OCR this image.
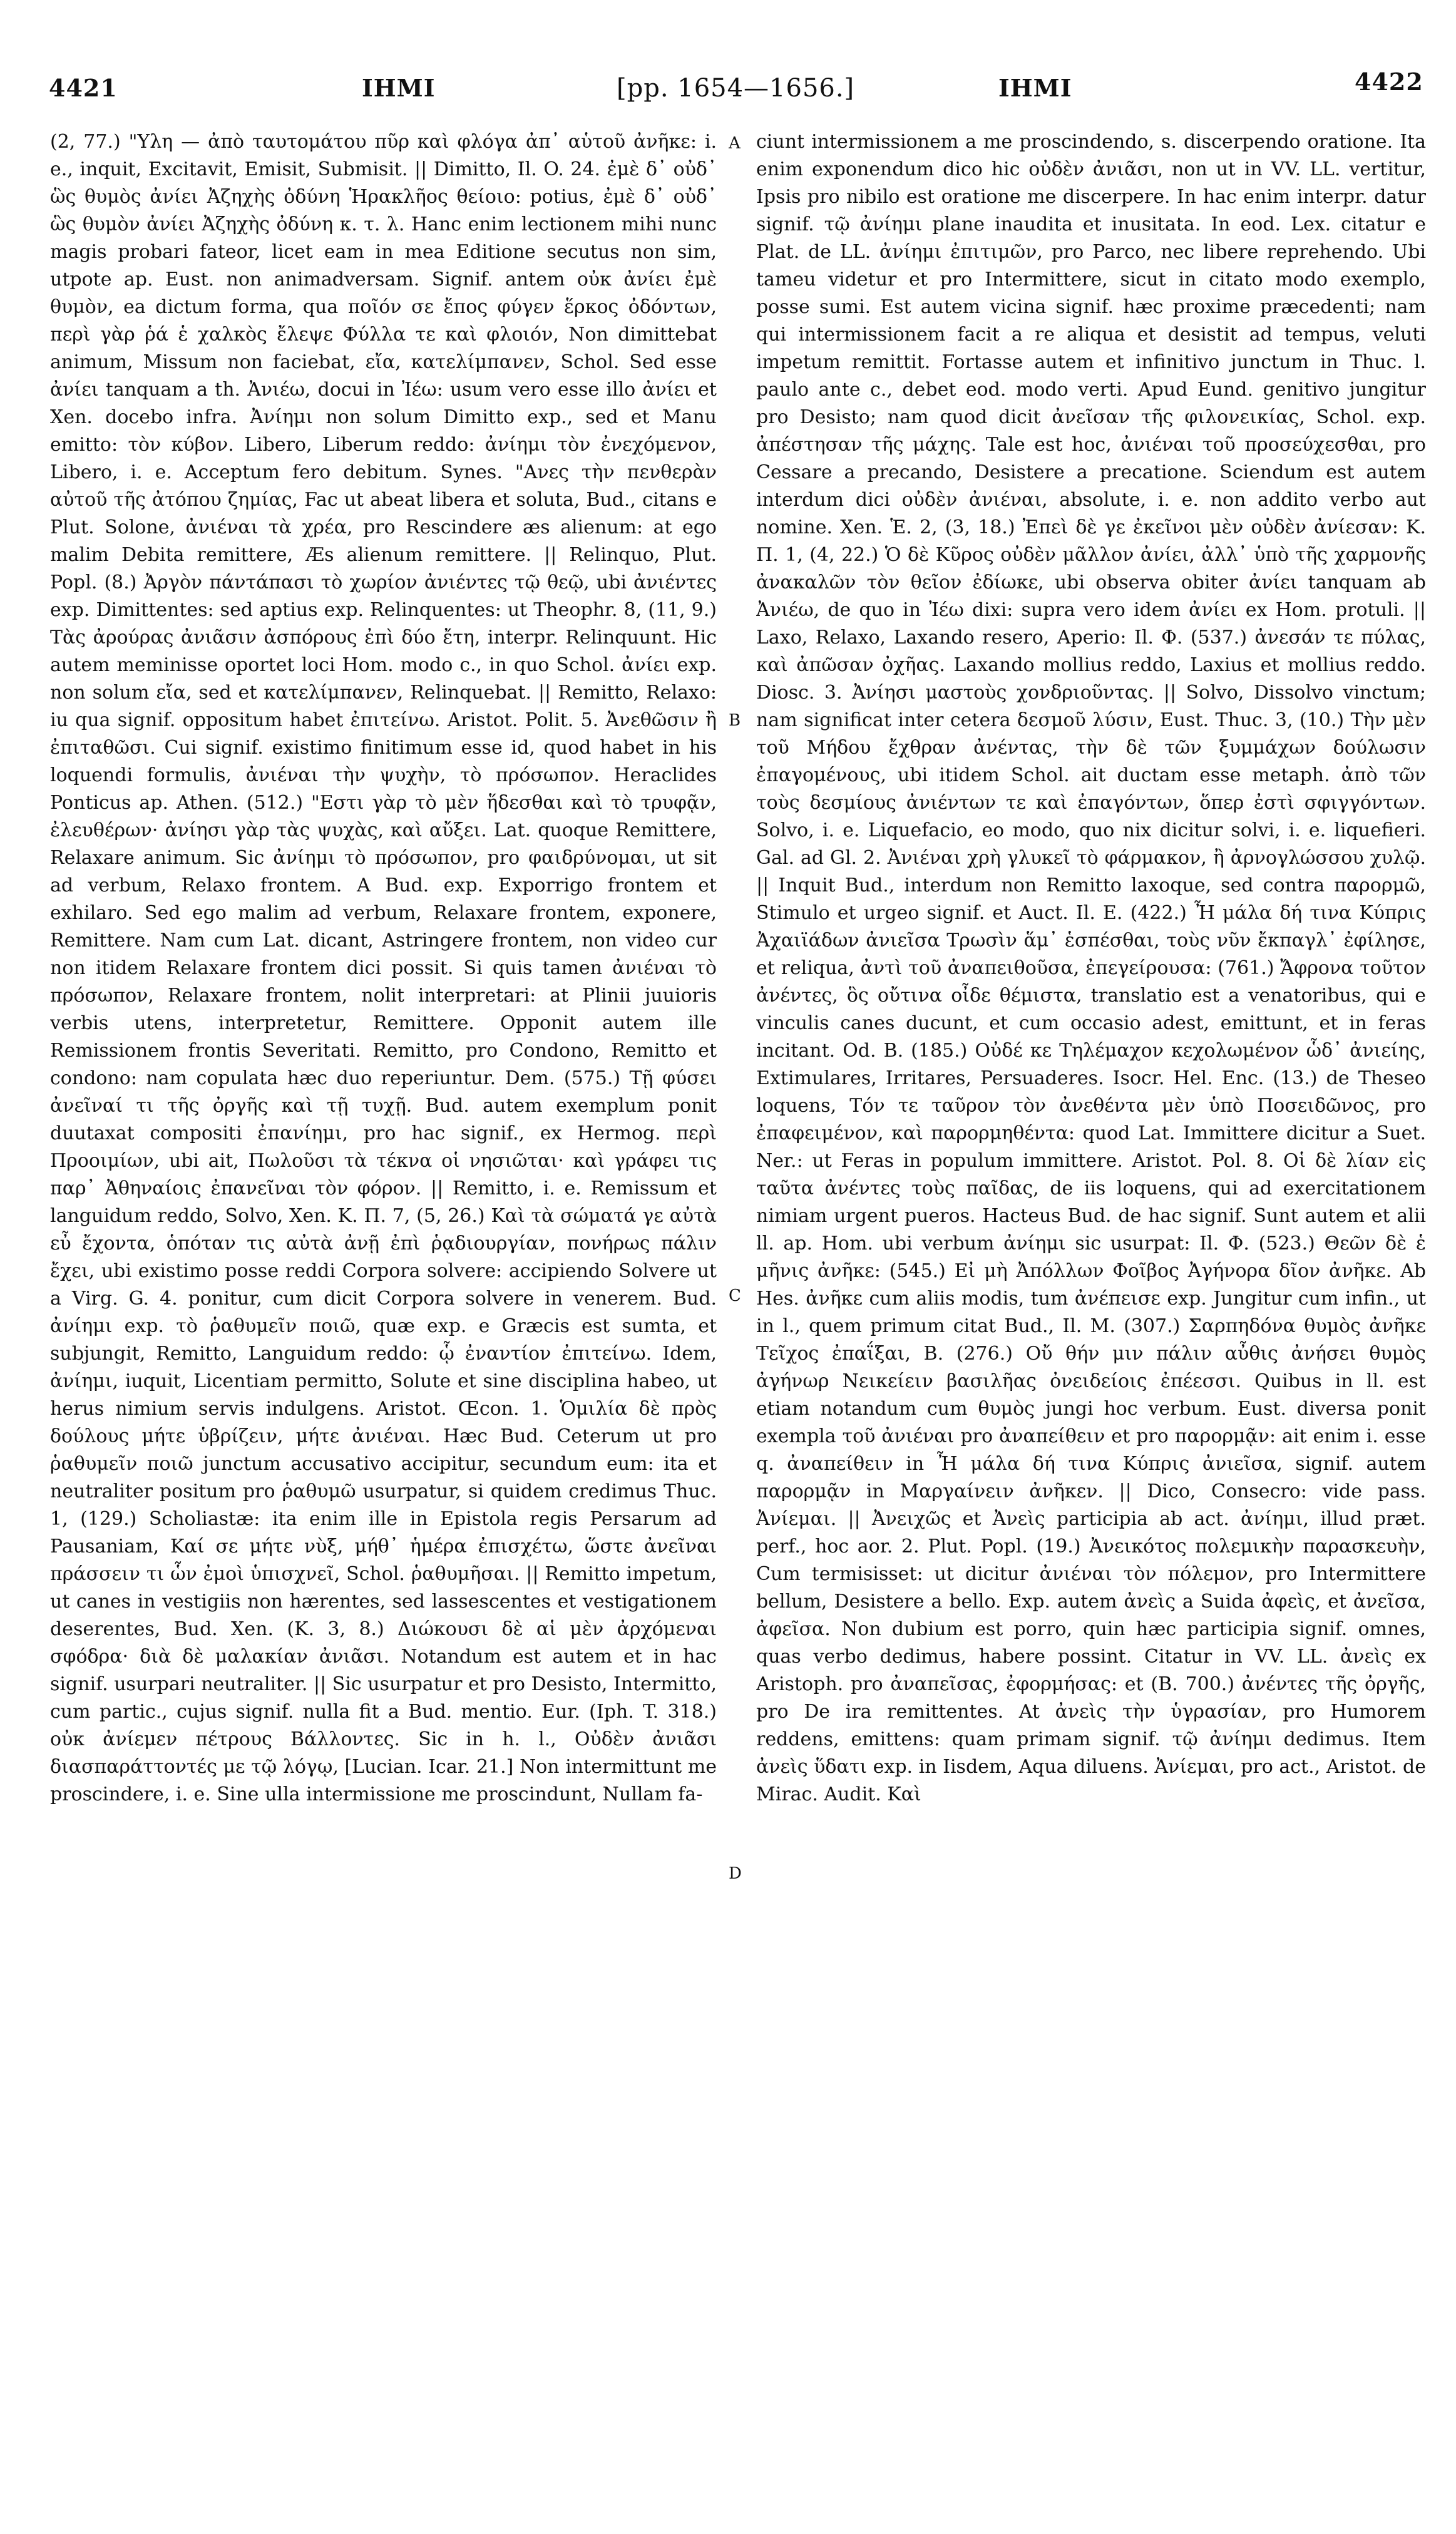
4421	ΙΗΜΙ	[pp. 1654—1656.]	ΙΗΜΙ	4422

(2, 77.) "Υλη — ἀπὸ ταυτομάτου πῦρ καὶ φλόγα ἀπ᾽ αὑτοῦ ἀνῆκε: i. e., inquit, Excitavit, Emisit, Submisit. || Dimitto, Il. O. 24. ἐμὲ δ᾽ οὐδ᾽ ὣς θυμὸς ἀνίει Ἀζηχὴς ὀδύνη Ἡρακλῆος θείοιο: potius, ἐμὲ δ᾽ οὐδ᾽ ὣς θυμὸν ἀνίει Ἀζηχὴς ὀδύνη κ. τ. λ. Hanc enim lectionem mihi nunc magis probari fateor, licet eam in mea Editione secutus non sim, utpote ap. Eust. non animadversam. Signif. antem οὐκ ἀνίει ἐμὲ θυμὸν, ea dictum forma, qua ποῖόν σε ἔπος φύγεν ἕρκος ὀδόντων, περὶ γὰρ ῥά ἑ χαλκὸς ἔλεψε Φύλλα τε καὶ φλοιόν, Non dimittebat animum, Missum non faciebat, εἴα, κατελίμπανεν, Schol. Sed esse ἀνίει tanquam a th. Ἀνιέω, docui in Ἰέω: usum vero esse illo ἀνίει et Xen. docebo infra. Ἀνίημι non solum Dimitto exp., sed et Manu emitto: τὸν κύβον. Libero, Liberum reddo: ἀνίημι τὸν ἐνεχόμενον, Libero, i. e. Acceptum fero debitum. Synes. "Ανες τὴν πενθερὰν αὐτοῦ τῆς ἀτόπου ζημίας, Fac ut abeat libera et soluta, Bud., citans e Plut. Solone, ἀνιέναι τὰ χρέα, pro Rescindere æs alienum: at ego malim Debita remittere, Æs alienum remittere. || Relinquo, Plut. Popl. (8.) Ἀργὸν πάντάπασι τὸ χωρίον ἀνιέντες τῷ θεῷ, ubi ἀνιέντες exp. Dimittentes: sed aptius exp. Relinquentes: ut Theophr. 8, (11, 9.) Τὰς ἀρούρας ἀνιᾶσιν ἀσπόρους ἐπὶ δύο ἔτη, interpr. Relinquunt. Hic autem meminisse oportet loci Hom. modo c., in quo Schol. ἀνίει exp. non solum εἴα, sed et κατελίμπανεν, Relinquebat. || Remitto, Relaxo: iu qua signif. oppositum habet ἐπιτείνω. Aristot. Polit. 5. Ἀνεθῶσιν ἢ ἐπιταθῶσι. Cui signif. existimo finitimum esse id, quod habet in his loquendi formulis, ἀνιέναι τὴν ψυχὴν, τὸ πρόσωπον. Heraclides Ponticus ap. Athen. (512.) "Εστι γὰρ τὸ μὲν ἥδεσθαι καὶ τὸ τρυφᾷν, ἐλευθέρων· ἀνίησι γὰρ τὰς ψυχὰς, καὶ αὔξει. Lat. quoque Remittere, Relaxare animum. Sic ἀνίημι τὸ πρόσωπον, pro φαιδρύνομαι, ut sit ad verbum, Relaxo frontem. A Bud. exp. Exporrigo frontem et exhilaro. Sed ego malim ad verbum, Relaxare frontem, exponere, Remittere. Nam cum Lat. dicant, Astringere frontem, non video cur non itidem Relaxare frontem dici possit. Si quis tamen ἀνιέναι τὸ πρόσωπον, Relaxare frontem, nolit interpretari: at Plinii juuioris verbis utens, interpretetur, Remittere. Opponit autem ille Remissionem frontis Severitati. Remitto, pro Condono, Remitto et condono: nam copulata hæc duo reperiuntur. Dem. (575.) Τῇ φύσει ἀνεῖναί τι τῆς ὀργῆς καὶ τῇ τυχῇ. Bud. autem exemplum ponit duutaxat compositi ἐπανίημι, pro hac signif., ex Hermog. περὶ Προοιμίων, ubi ait, Πωλοῦσι τὰ τέκνα οἱ νησιῶται· καὶ γράφει τις παρ᾽ Ἀθηναίοις ἐπανεῖναι τὸν φόρον. || Remitto, i. e. Remissum et languidum reddo, Solvo, Xen. K. Π. 7, (5, 26.) Καὶ τὰ σώματά γε αὐτὰ εὖ ἔχοντα, ὁπόταν τις αὐτὰ ἀνῇ ἐπὶ ῥᾳδιουργίαν, πονήρως πάλιν ἔχει, ubi existimo posse reddi Corpora solvere: accipiendo Solvere ut a Virg. G. 4. ponitur, cum dicit Corpora solvere in venerem. Bud. ἀνίημι exp. τὸ ῥαθυμεῖν ποιῶ, quæ exp. e Græcis est sumta, et subjungit, Remitto, Languidum reddo: ᾧ ἐναντίον ἐπιτείνω. Idem, ἀνίημι, iuquit, Licentiam permitto, Solute et sine disciplina habeo, ut herus nimium servis indulgens. Aristot. Œcon. 1. Ὁμιλία δὲ πρὸς δούλους μήτε ὑβρίζειν, μήτε ἀνιέναι. Hæc Bud. Ceterum ut pro ῥαθυμεῖν ποιῶ junctum accusativo accipitur, secundum eum: ita et neutraliter positum pro ῥαθυμῶ usurpatur, si quidem credimus Thuc. 1, (129.) Scholiastæ: ita enim ille in Epistola regis Persarum ad Pausaniam, Καί σε μήτε νὺξ, μήθ᾽ ἡμέρα ἐπισχέτω, ὥστε ἀνεῖναι πράσσειν τι ὧν ἐμοὶ ὑπισχνεῖ, Schol. ῥαθυμῆσαι. || Remitto impetum, ut canes in vestigiis non hærentes, sed lassescentes et vestigationem deserentes, Bud. Xen. (K. 3, 8.) Διώκουσι δὲ αἱ μὲν ἀρχόμεναι σφόδρα· διὰ δὲ μαλακίαν ἀνιᾶσι. Notandum est autem et in hac signif. usurpari neutraliter. || Sic usurpatur et pro Desisto, Intermitto, cum partic., cujus signif. nulla fit a Bud. mentio. Eur. (Iph. T. 318.) οὐκ ἀνίεμεν πέτρους Βάλλοντες. Sic in h. l., Οὐδὲν ἀνιᾶσι διασπαράττοντές με τῷ λόγῳ, [Lucian. Icar. 21.] Non intermittunt me proscindere, i. e. Sine ulla intermissione me proscindunt, Nullam fa-

A
B
C
D

ciunt intermissionem a me proscindendo, s. discerpendo oratione. Ita enim exponendum dico hic οὐδὲν ἀνιᾶσι, non ut in VV. LL. vertitur, Ipsis pro nibilo est oratione me discerpere. In hac enim interpr. datur signif. τῷ ἀνίημι plane inaudita et inusitata. In eod. Lex. citatur e Plat. de LL. ἀνίημι ἐπιτιμῶν, pro Parco, nec libere reprehendo. Ubi tameu videtur et pro Intermittere, sicut in citato modo exemplo, posse sumi. Est autem vicina signif. hæc proxime præcedenti; nam qui intermissionem facit a re aliqua et desistit ad tempus, veluti impetum remittit. Fortasse autem et infinitivo junctum in Thuc. l. paulo ante c., debet eod. modo verti. Apud Eund. genitivo jungitur pro Desisto; nam quod dicit ἀνεῖσαν τῆς φιλονεικίας, Schol. exp. ἀπέστησαν τῆς μάχης. Tale est hoc, ἀνιέναι τοῦ προσεύχεσθαι, pro Cessare a precando, Desistere a precatione. Sciendum est autem interdum dici οὐδὲν ἀνιέναι, absolute, i. e. non addito verbo aut nomine. Xen. Ἑ. 2, (3, 18.) Ἐπεὶ δὲ γε ἐκεῖνοι μὲν οὐδὲν ἀνίεσαν: K. Π. 1, (4, 22.) Ὁ δὲ Κῦρος οὐδὲν μᾶλλον ἀνίει, ἀλλ᾽ ὑπὸ τῆς χαρμονῆς ἀνακαλῶν τὸν θεῖον ἐδίωκε, ubi observa obiter ἀνίει tanquam ab Ἀνιέω, de quo in Ἰέω dixi: supra vero idem ἀνίει ex Hom. protuli. || Laxo, Relaxo, Laxando resero, Aperio: Il. Φ. (537.) ἀνεσάν τε πύλας, καὶ ἀπῶσαν ὀχῆας. Laxando mollius reddo, Laxius et mollius reddo. Diosc. 3. Ἀνίησι μαστοὺς χονδριοῦντας. || Solvo, Dissolvo vinctum; nam significat inter cetera δεσμοῦ λύσιν, Eust. Thuc. 3, (10.) Τὴν μὲν τοῦ Μήδου ἔχθραν ἀνέντας, τὴν δὲ τῶν ξυμμάχων δούλωσιν ἐπαγομένους, ubi itidem Schol. ait ductam esse metaph. ἀπὸ τῶν τοὺς δεσμίους ἀνιέντων τε καὶ ἐπαγόντων, ὅπερ ἐστὶ σφιγγόντων. Solvo, i. e. Liquefacio, eo modo, quo nix dicitur solvi, i. e. liquefieri. Gal. ad Gl. 2. Ἀνιέναι χρὴ γλυκεῖ τὸ φάρμακον, ἢ ἀρνογλώσσου χυλῷ. || Inquit Bud., interdum non Remitto laxoque, sed contra παρορμῶ, Stimulo et urgeo signif. et Auct. Il. E. (422.) Ἦ μάλα δή τινα Κύπρις Ἀχαιϊάδων ἀνιεῖσα Τρωσὶν ἅμ᾽ ἑσπέσθαι, τοὺς νῦν ἔκπαγλ᾽ ἐφίλησε, et reliqua, ἀντὶ τοῦ ἀναπειθοῦσα, ἐπεγείρουσα: (761.) Ἄφρονα τοῦτον ἀνέντες, ὃς οὔτινα οἶδε θέμιστα, translatio est a venatoribus, qui e vinculis canes ducunt, et cum occasio adest, emittunt, et in feras incitant. Od. B. (185.) Οὐδέ κε Τηλέμαχον κεχολωμένον ὧδ᾽ ἀνιείης, Extimulares, Irritares, Persuaderes. Isocr. Hel. Enc. (13.) de Theseo loquens, Τόν τε ταῦρον τὸν ἀνεθέντα μὲν ὑπὸ Ποσειδῶνος, pro ἐπαφειμένον, καὶ παρορμηθέντα: quod Lat. Immittere dicitur a Suet. Ner.: ut Feras in populum immittere. Aristot. Pol. 8. Οἱ δὲ λίαν εἰς ταῦτα ἀνέντες τοὺς παῖδας, de iis loquens, qui ad exercitationem nimiam urgent pueros. Hacteus Bud. de hac signif. Sunt autem et alii ll. ap. Hom. ubi verbum ἀνίημι sic usurpat: Il. Φ. (523.) Θεῶν δὲ ἑ μῆνις ἀνῆκε: (545.) Εἰ μὴ Ἀπόλλων Φοῖβος Ἀγήνορα δῖον ἀνῆκε. Ab Hes. ἀνῆκε cum aliis modis, tum ἀνέπεισε exp. Jungitur cum infin., ut in l., quem primum citat Bud., Il. M. (307.) Σαρπηδόνα θυμὸς ἀνῆκε Τεῖχος ἐπαΐξαι, B. (276.) Οὔ θήν μιν πάλιν αὖθις ἀνήσει θυμὸς ἀγήνωρ Νεικείειν βασιλῆας ὀνειδείοις ἐπέεσσι. Quibus in ll. est etiam notandum cum θυμὸς jungi hoc verbum. Eust. diversa ponit exempla τοῦ ἀνιέναι pro ἀναπείθειν et pro παρορμᾷν: ait enim i. esse q. ἀναπείθειν in Ἦ μάλα δή τινα Κύπρις ἀνιεῖσα, signif. autem παρορμᾷν in Μαργαίνειν ἀνῆκεν. || Dico, Consecro: vide pass. Ἀνίεμαι. || Ἀνειχῶς et Ἀνεὶς participia ab act. ἀνίημι, illud præt. perf., hoc aor. 2. Plut. Popl. (19.) Ἀνεικότος πολεμικὴν παρασκευὴν, Cum termisisset: ut dicitur ἀνιέναι τὸν πόλεμον, pro Intermittere bellum, Desistere a bello. Exp. autem ἀνεὶς a Suida ἀφεὶς, et ἀνεῖσα, ἀφεῖσα. Non dubium est porro, quin hæc participia signif. omnes, quas verbo dedimus, habere possint. Citatur in VV. LL. ἀνεὶς ex Aristoph. pro ἀναπεῖσας, ἐφορμήσας: et (B. 700.) ἀνέντες τῆς ὀργῆς, pro De ira remittentes. At ἀνεὶς τὴν ὑγρασίαν, pro Humorem reddens, emittens: quam primam signif. τῷ ἀνίημι dedimus. Item ἀνεὶς ὕδατι exp. in Iisdem, Aqua diluens. Ἀνίεμαι, pro act., Aristot. de Mirac. Audit. Καὶ
